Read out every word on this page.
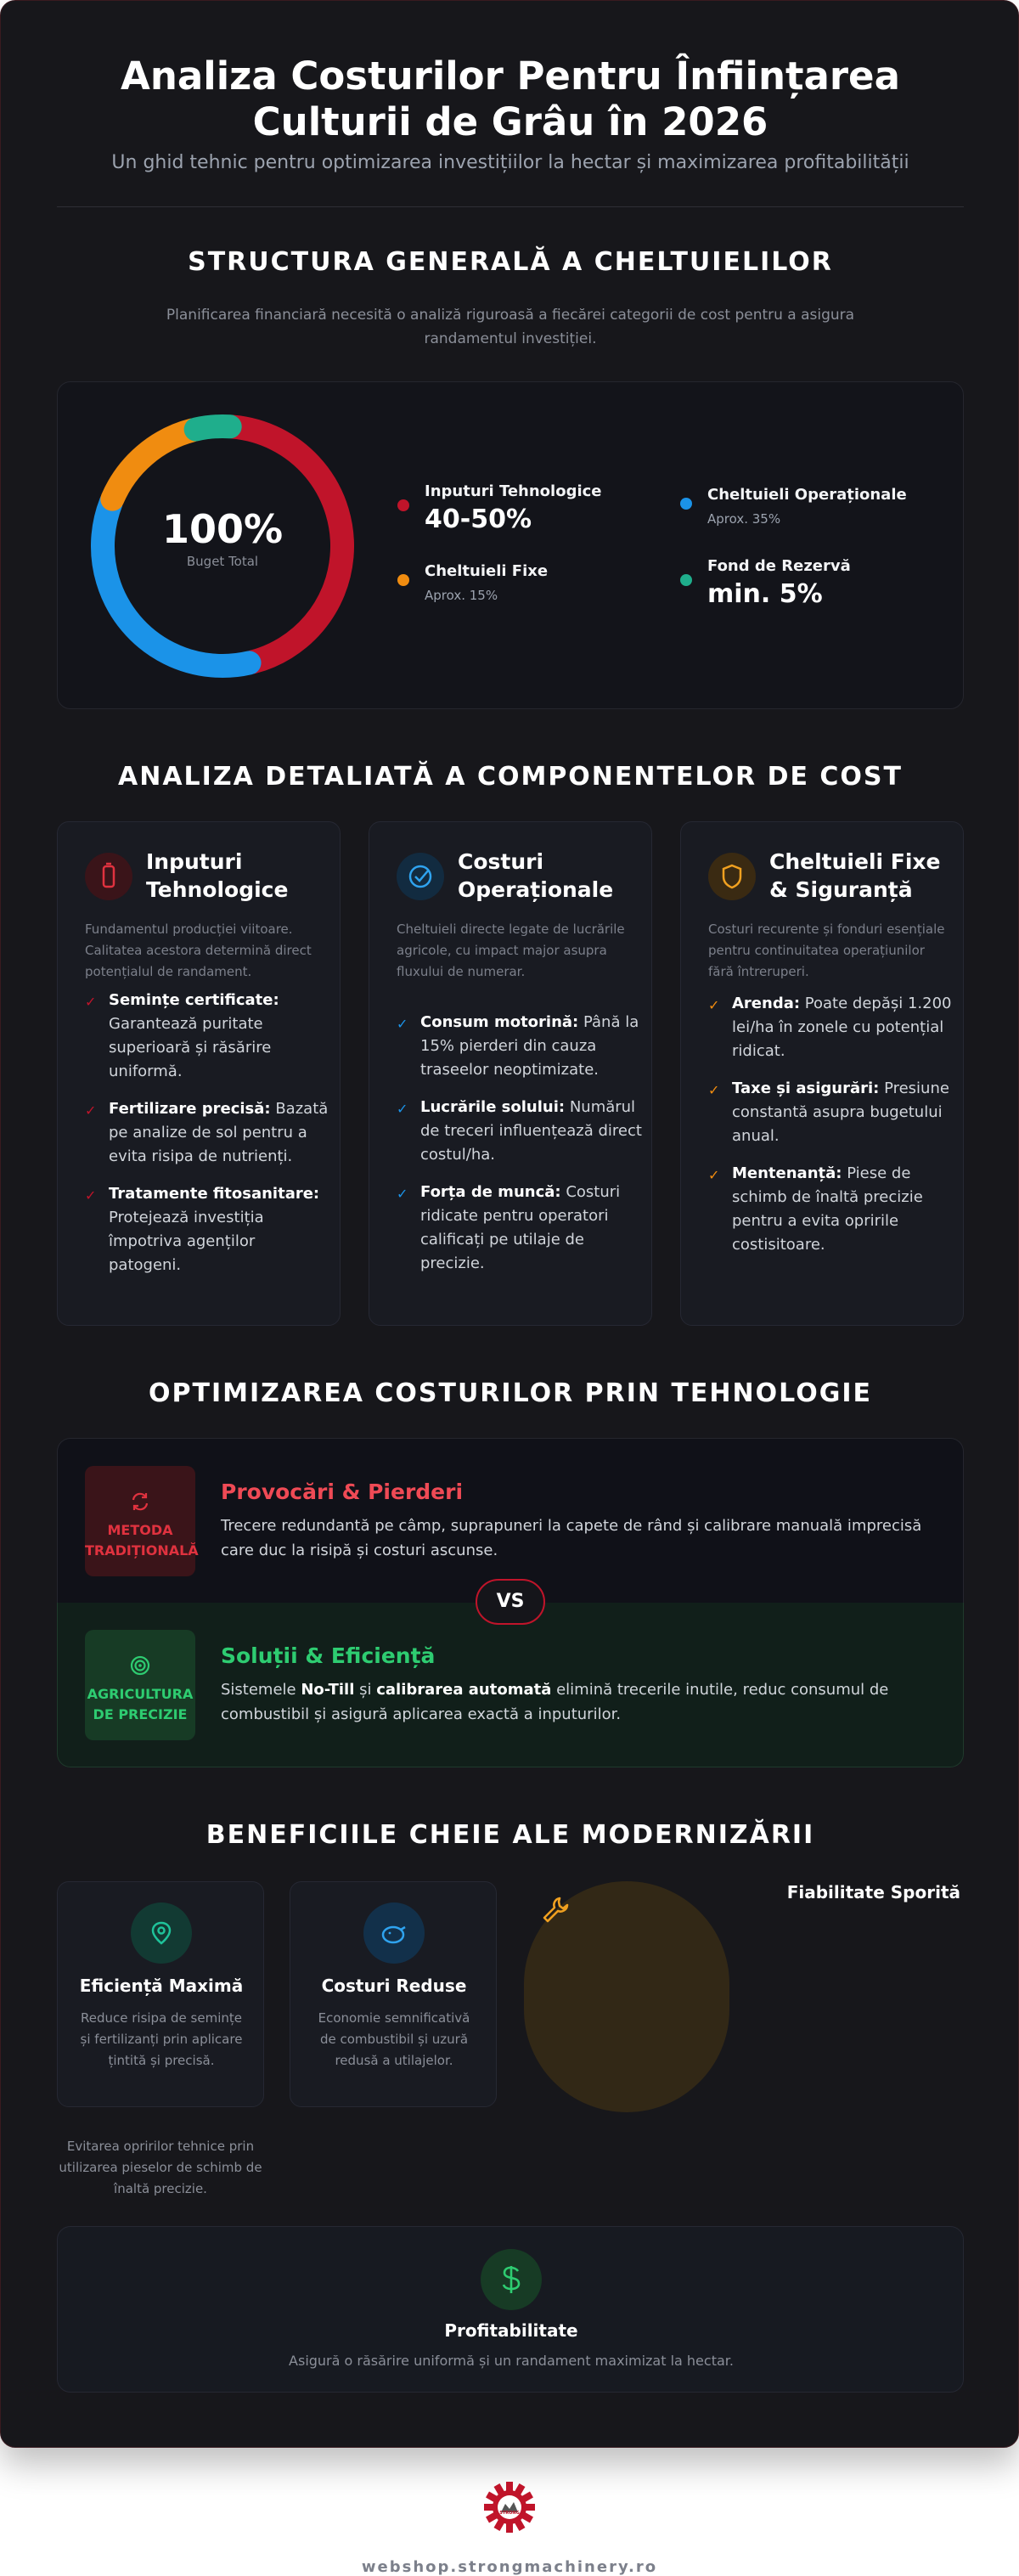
Analiza Costurilor Pentru Înființarea
Culturii de Grâu în 2026
Un ghid tehnic pentru optimizarea investițiilor la hectar și maximizarea profitabilității
STRUCTURA GENERALĂ A CHELTUIELILOR
Planificarea financiară necesită o analiză riguroasă a fiecărei categorii de cost pentru a asigura randamentul investiției.
100%
Buget Total
Inputuri Tehnologice
40-50%
Cheltuieli Operaționale
Aprox. 35%
Cheltuieli Fixe
Aprox. 15%
Fond de Rezervă
min. 5%
ANALIZA DETALIATĂ A COMPONENTELOR DE COST
Inputuri Tehnologice
Fundamentul producției viitoare. Calitatea acestora determină direct potențialul de randament.
✓ Semințe certificate: Garantează puritate superioară și răsărire uniformă.
✓ Fertilizare precisă: Bazată pe analize de sol pentru a evita risipa de nutrienți.
✓ Tratamente fitosanitare: Protejează investiția împotriva agenților patogeni.
Costuri Operaționale
Cheltuieli directe legate de lucrările agricole, cu impact major asupra fluxului de numerar.
✓ Consum motorină: Până la 15% pierderi din cauza traseelor neoptimizate.
✓ Lucrările solului: Numărul de treceri influențează direct costul/ha.
✓ Forța de muncă: Costuri ridicate pentru operatori calificați pe utilaje de precizie.
Cheltuieli Fixe & Siguranță
Costuri recurente și fonduri esențiale pentru continuitatea operațiunilor fără întreruperi.
✓ Arenda: Poate depăși 1.200 lei/ha în zonele cu potențial ridicat.
✓ Taxe și asigurări: Presiune constantă asupra bugetului anual.
✓ Mentenanță: Piese de schimb de înaltă precizie pentru a evita opririle costisitoare.
OPTIMIZAREA COSTURILOR PRIN TEHNOLOGIE
METODA
TRADIȚIONALĂ
Provocări & Pierderi
Trecere redundantă pe câmp, suprapuneri la capete de rând și calibrare manuală imprecisă care duc la risipă și costuri ascunse.
AGRICULTURA
DE PRECIZIE
Soluții & Eficiență
Sistemele No-Till și calibrarea automată elimină trecerile inutile, reduc consumul de combustibil și asigură aplicarea exactă a inputurilor.
VS
BENEFICIILE CHEIE ALE MODERNIZĂRII
Eficiență Maximă
Reduce risipa de semințe și fertilizanți prin aplicare țintită și precisă.
Costuri Reduse
Economie semnificativă de combustibil și uzură redusă a utilajelor.
Fiabilitate Sporită
Evitarea opririlor tehnice prin utilizarea pieselor de schimb de înaltă precizie.
Profitabilitate
Asigură o răsărire uniformă și un randament maximizat la hectar.
STRONG
webshop.strongmachinery.ro
